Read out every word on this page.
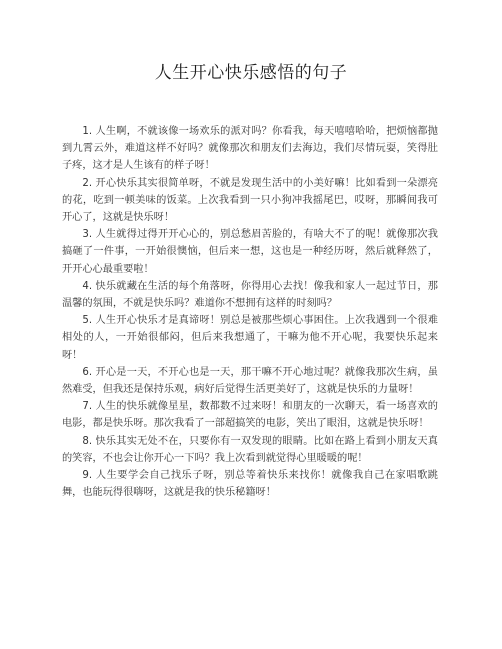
人生开心快乐感悟的句子

1. 人生啊，不就该像一场欢乐的派对吗？你看我，每天嘻嘻哈哈，把烦恼都抛到九霄云外，难道这样不好吗？就像那次和朋友们去海边，我们尽情玩耍，笑得肚子疼，这才是人生该有的样子呀！

2. 开心快乐其实很简单呀，不就是发现生活中的小美好嘛！比如看到一朵漂亮的花，吃到一顿美味的饭菜。上次我看到一只小狗冲我摇尾巴，哎呀，那瞬间我可开心了，这就是快乐呀！

3. 人生就得过得开开心心的，别总愁眉苦脸的，有啥大不了的呢！就像那次我搞砸了一件事，一开始很懊恼，但后来一想，这也是一种经历呀，然后就释然了，开开心心最重要啦！

4. 快乐就藏在生活的每个角落呀，你得用心去找！像我和家人一起过节日，那温馨的氛围，不就是快乐吗？难道你不想拥有这样的时刻吗？

5. 人生开心快乐才是真谛呀！别总是被那些烦心事困住。上次我遇到一个很难相处的人，一开始很郁闷，但后来我想通了，干嘛为他不开心呢，我要快乐起来呀！

6. 开心是一天，不开心也是一天，那干嘛不开心地过呢？就像我那次生病，虽然难受，但我还是保持乐观，病好后觉得生活更美好了，这就是快乐的力量呀！

7. 人生的快乐就像星星，数都数不过来呀！和朋友的一次聊天，看一场喜欢的电影，都是快乐呀。那次我看了一部超搞笑的电影，笑出了眼泪，这就是快乐呀！

8. 快乐其实无处不在，只要你有一双发现的眼睛。比如在路上看到小朋友天真的笑容，不也会让你开心一下吗？我上次看到就觉得心里暖暖的呢！

9. 人生要学会自己找乐子呀，别总等着快乐来找你！就像我自己在家唱歌跳舞，也能玩得很嗨呀，这就是我的快乐秘籍呀！
